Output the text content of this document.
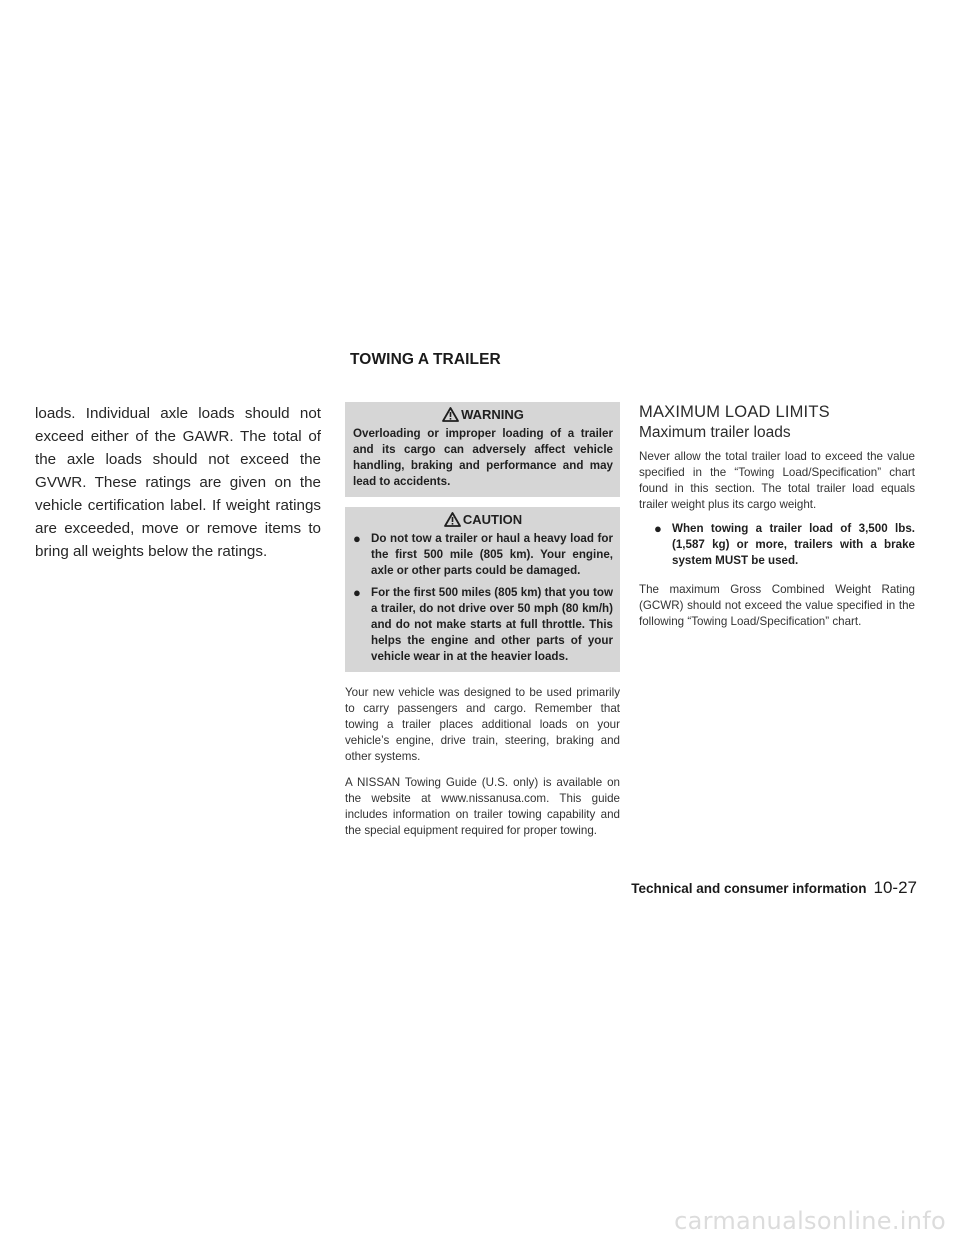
TOWING A TRAILER

loads. Individual axle loads should not exceed either of the GAWR. The total of the axle loads should not exceed the GVWR. These ratings are given on the vehicle certification label. If weight ratings are exceeded, move or remove items to bring all weights below the ratings.

WARNING

Overloading or improper loading of a trailer and its cargo can adversely affect vehicle handling, braking and performance and may lead to accidents.

CAUTION
● Do not tow a trailer or haul a heavy load for the first 500 mile (805 km). Your engine, axle or other parts could be damaged.
● For the first 500 miles (805 km) that you tow a trailer, do not drive over 50 mph (80 km/h) and do not make starts at full throttle. This helps the engine and other parts of your vehicle wear in at the heavier loads.

Your new vehicle was designed to be used primarily to carry passengers and cargo. Remember that towing a trailer places additional loads on your vehicle’s engine, drive train, steering, braking and other systems.

A NISSAN Towing Guide (U.S. only) is available on the website at www.nissanusa.com. This guide includes information on trailer towing capability and the special equipment required for proper towing.

MAXIMUM LOAD LIMITS
Maximum trailer loads

Never allow the total trailer load to exceed the value specified in the “Towing Load/Specification” chart found in this section. The total trailer load equals trailer weight plus its cargo weight.

● When towing a trailer load of 3,500 lbs. (1,587 kg) or more, trailers with a brake system MUST be used.

The maximum Gross Combined Weight Rating (GCWR) should not exceed the value specified in the following “Towing Load/Specification” chart.

Technical and consumer information 10-27
carmanualsonline.info
